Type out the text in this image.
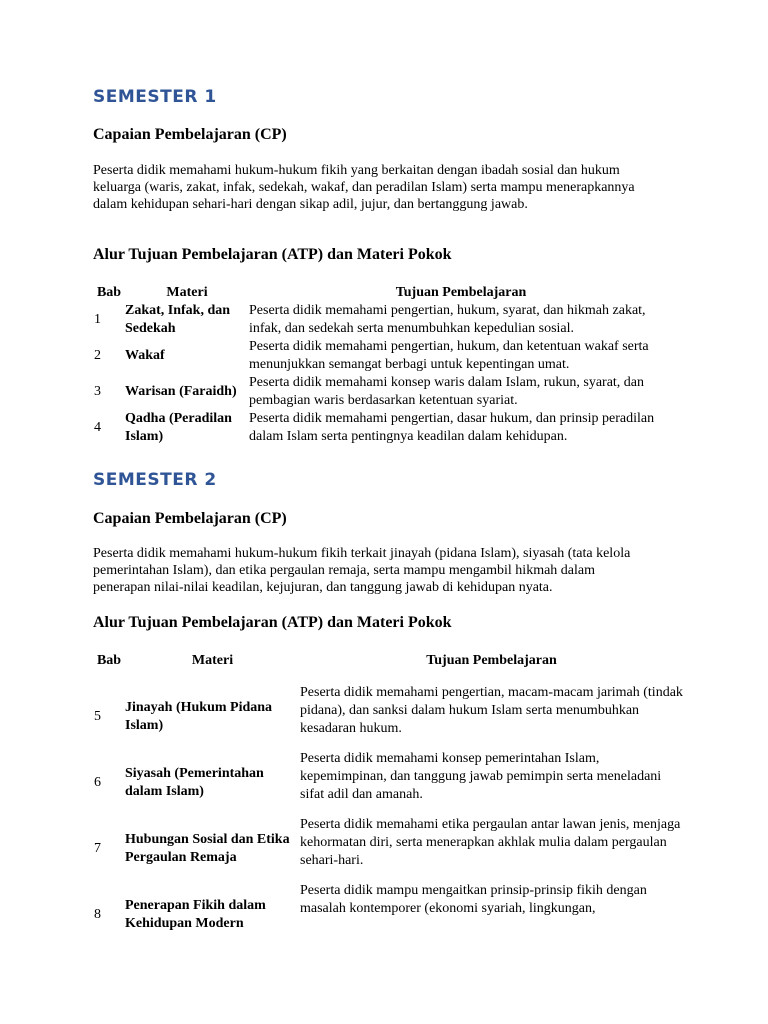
SEMESTER 1
Capaian Pembelajaran (CP)
Peserta didik memahami hukum-hukum fikih yang berkaitan dengan ibadah sosial dan hukum keluarga (waris, zakat, infak, sedekah, wakaf, dan peradilan Islam) serta mampu menerapkannya dalam kehidupan sehari-hari dengan sikap adil, jujur, dan bertanggung jawab.
Alur Tujuan Pembelajaran (ATP) dan Materi Pokok
Bab	Materi	Tujuan Pembelajaran
1	Zakat, Infak, dan Sedekah	Peserta didik memahami pengertian, hukum, syarat, dan hikmah zakat, infak, dan sedekah serta menumbuhkan kepedulian sosial.
2	Wakaf	Peserta didik memahami pengertian, hukum, dan ketentuan wakaf serta menunjukkan semangat berbagi untuk kepentingan umat.
3	Warisan (Faraidh)	Peserta didik memahami konsep waris dalam Islam, rukun, syarat, dan pembagian waris berdasarkan ketentuan syariat.
4	Qadha (Peradilan Islam)	Peserta didik memahami pengertian, dasar hukum, dan prinsip peradilan dalam Islam serta pentingnya keadilan dalam kehidupan.
SEMESTER 2
Capaian Pembelajaran (CP)
Peserta didik memahami hukum-hukum fikih terkait jinayah (pidana Islam), siyasah (tata kelola pemerintahan Islam), dan etika pergaulan remaja, serta mampu mengambil hikmah dalam penerapan nilai-nilai keadilan, kejujuran, dan tanggung jawab di kehidupan nyata.
Alur Tujuan Pembelajaran (ATP) dan Materi Pokok
Bab	Materi	Tujuan Pembelajaran

5	Jinayah (Hukum Pidana Islam)	Peserta didik memahami pengertian, macam-macam jarimah (tindak pidana), dan sanksi dalam hukum Islam serta menumbuhkan kesadaran hukum.
6	Siyasah (Pemerintahan dalam Islam)	Peserta didik memahami konsep pemerintahan Islam, kepemimpinan, dan tanggung jawab pemimpin serta meneladani sifat adil dan amanah.
7	Hubungan Sosial dan Etika Pergaulan Remaja	Peserta didik memahami etika pergaulan antar lawan jenis, menjaga kehormatan diri, serta menerapkan akhlak mulia dalam pergaulan sehari-hari.
8	Penerapan Fikih dalam Kehidupan Modern	Peserta didik mampu mengaitkan prinsip-prinsip fikih dengan masalah kontemporer (ekonomi syariah, lingkungan,
